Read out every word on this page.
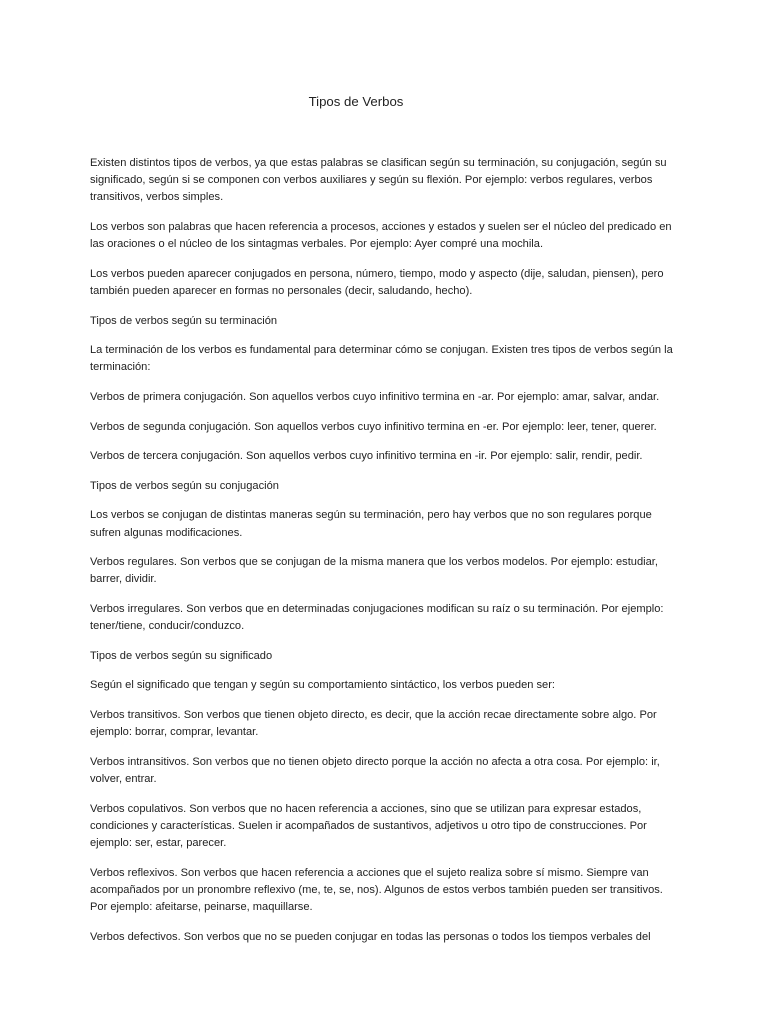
Tipos de Verbos

Existen distintos tipos de verbos, ya que estas palabras se clasifican según su terminación, su conjugación, según su significado, según si se componen con verbos auxiliares y según su flexión. Por ejemplo: verbos regulares, verbos transitivos, verbos simples.

Los verbos son palabras que hacen referencia a procesos, acciones y estados y suelen ser el núcleo del predicado en las oraciones o el núcleo de los sintagmas verbales. Por ejemplo: Ayer compré una mochila.

Los verbos pueden aparecer conjugados en persona, número, tiempo, modo y aspecto (dije, saludan, piensen), pero también pueden aparecer en formas no personales (decir, saludando, hecho).

Tipos de verbos según su terminación

La terminación de los verbos es fundamental para determinar cómo se conjugan. Existen tres tipos de verbos según la terminación:

Verbos de primera conjugación. Son aquellos verbos cuyo infinitivo termina en -ar. Por ejemplo: amar, salvar, andar.

Verbos de segunda conjugación. Son aquellos verbos cuyo infinitivo termina en -er. Por ejemplo: leer, tener, querer.

Verbos de tercera conjugación. Son aquellos verbos cuyo infinitivo termina en -ir. Por ejemplo: salir, rendir, pedir.

Tipos de verbos según su conjugación

Los verbos se conjugan de distintas maneras según su terminación, pero hay verbos que no son regulares porque sufren algunas modificaciones.

Verbos regulares. Son verbos que se conjugan de la misma manera que los verbos modelos. Por ejemplo: estudiar, barrer, dividir.

Verbos irregulares. Son verbos que en determinadas conjugaciones modifican su raíz o su terminación. Por ejemplo: tener/tiene, conducir/conduzco.

Tipos de verbos según su significado

Según el significado que tengan y según su comportamiento sintáctico, los verbos pueden ser:

Verbos transitivos. Son verbos que tienen objeto directo, es decir, que la acción recae directamente sobre algo. Por ejemplo: borrar, comprar, levantar.

Verbos intransitivos. Son verbos que no tienen objeto directo porque la acción no afecta a otra cosa. Por ejemplo: ir, volver, entrar.

Verbos copulativos. Son verbos que no hacen referencia a acciones, sino que se utilizan para expresar estados, condiciones y características. Suelen ir acompañados de sustantivos, adjetivos u otro tipo de construcciones. Por ejemplo: ser, estar, parecer.

Verbos reflexivos. Son verbos que hacen referencia a acciones que el sujeto realiza sobre sí mismo. Siempre van acompañados por un pronombre reflexivo (me, te, se, nos). Algunos de estos verbos también pueden ser transitivos. Por ejemplo: afeitarse, peinarse, maquillarse.

Verbos defectivos. Son verbos que no se pueden conjugar en todas las personas o todos los tiempos verbales del
